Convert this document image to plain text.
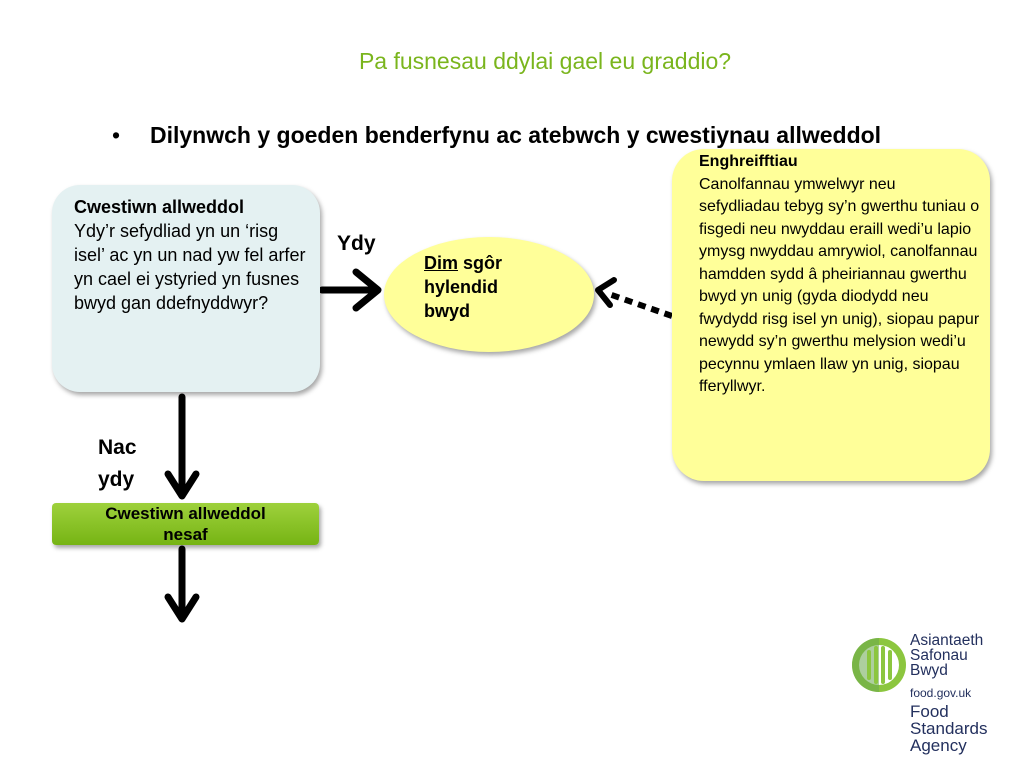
Pa fusnesau ddylai gael eu graddio?
• Dilynwch y goeden benderfynu ac atebwch y cwestiynau allweddol
Cwestiwn allweddol
Ydy’r sefydliad yn un ‘risg isel’ ac yn un nad yw fel arfer yn cael ei ystyried yn fusnes bwyd gan ddefnyddwyr?
Ydy
Dim sgôr
hylendid
bwyd
Enghreifftiau
Canolfannau ymwelwyr neu sefydliadau tebyg sy’n gwerthu tuniau o fisgedi neu nwyddau eraill wedi’u lapio ymysg nwyddau amrywiol, canolfannau hamdden sydd â pheiriannau gwerthu bwyd yn unig (gyda diodydd neu fwydydd risg isel yn unig), siopau papur newydd sy’n gwerthu melysion wedi’u pecynnu ymlaen llaw yn unig, siopau fferyllwyr.
Nac
ydy
Cwestiwn allweddol
nesaf
Asiantaeth
Safonau
Bwyd
food.gov.uk
Food
Standards
Agency
